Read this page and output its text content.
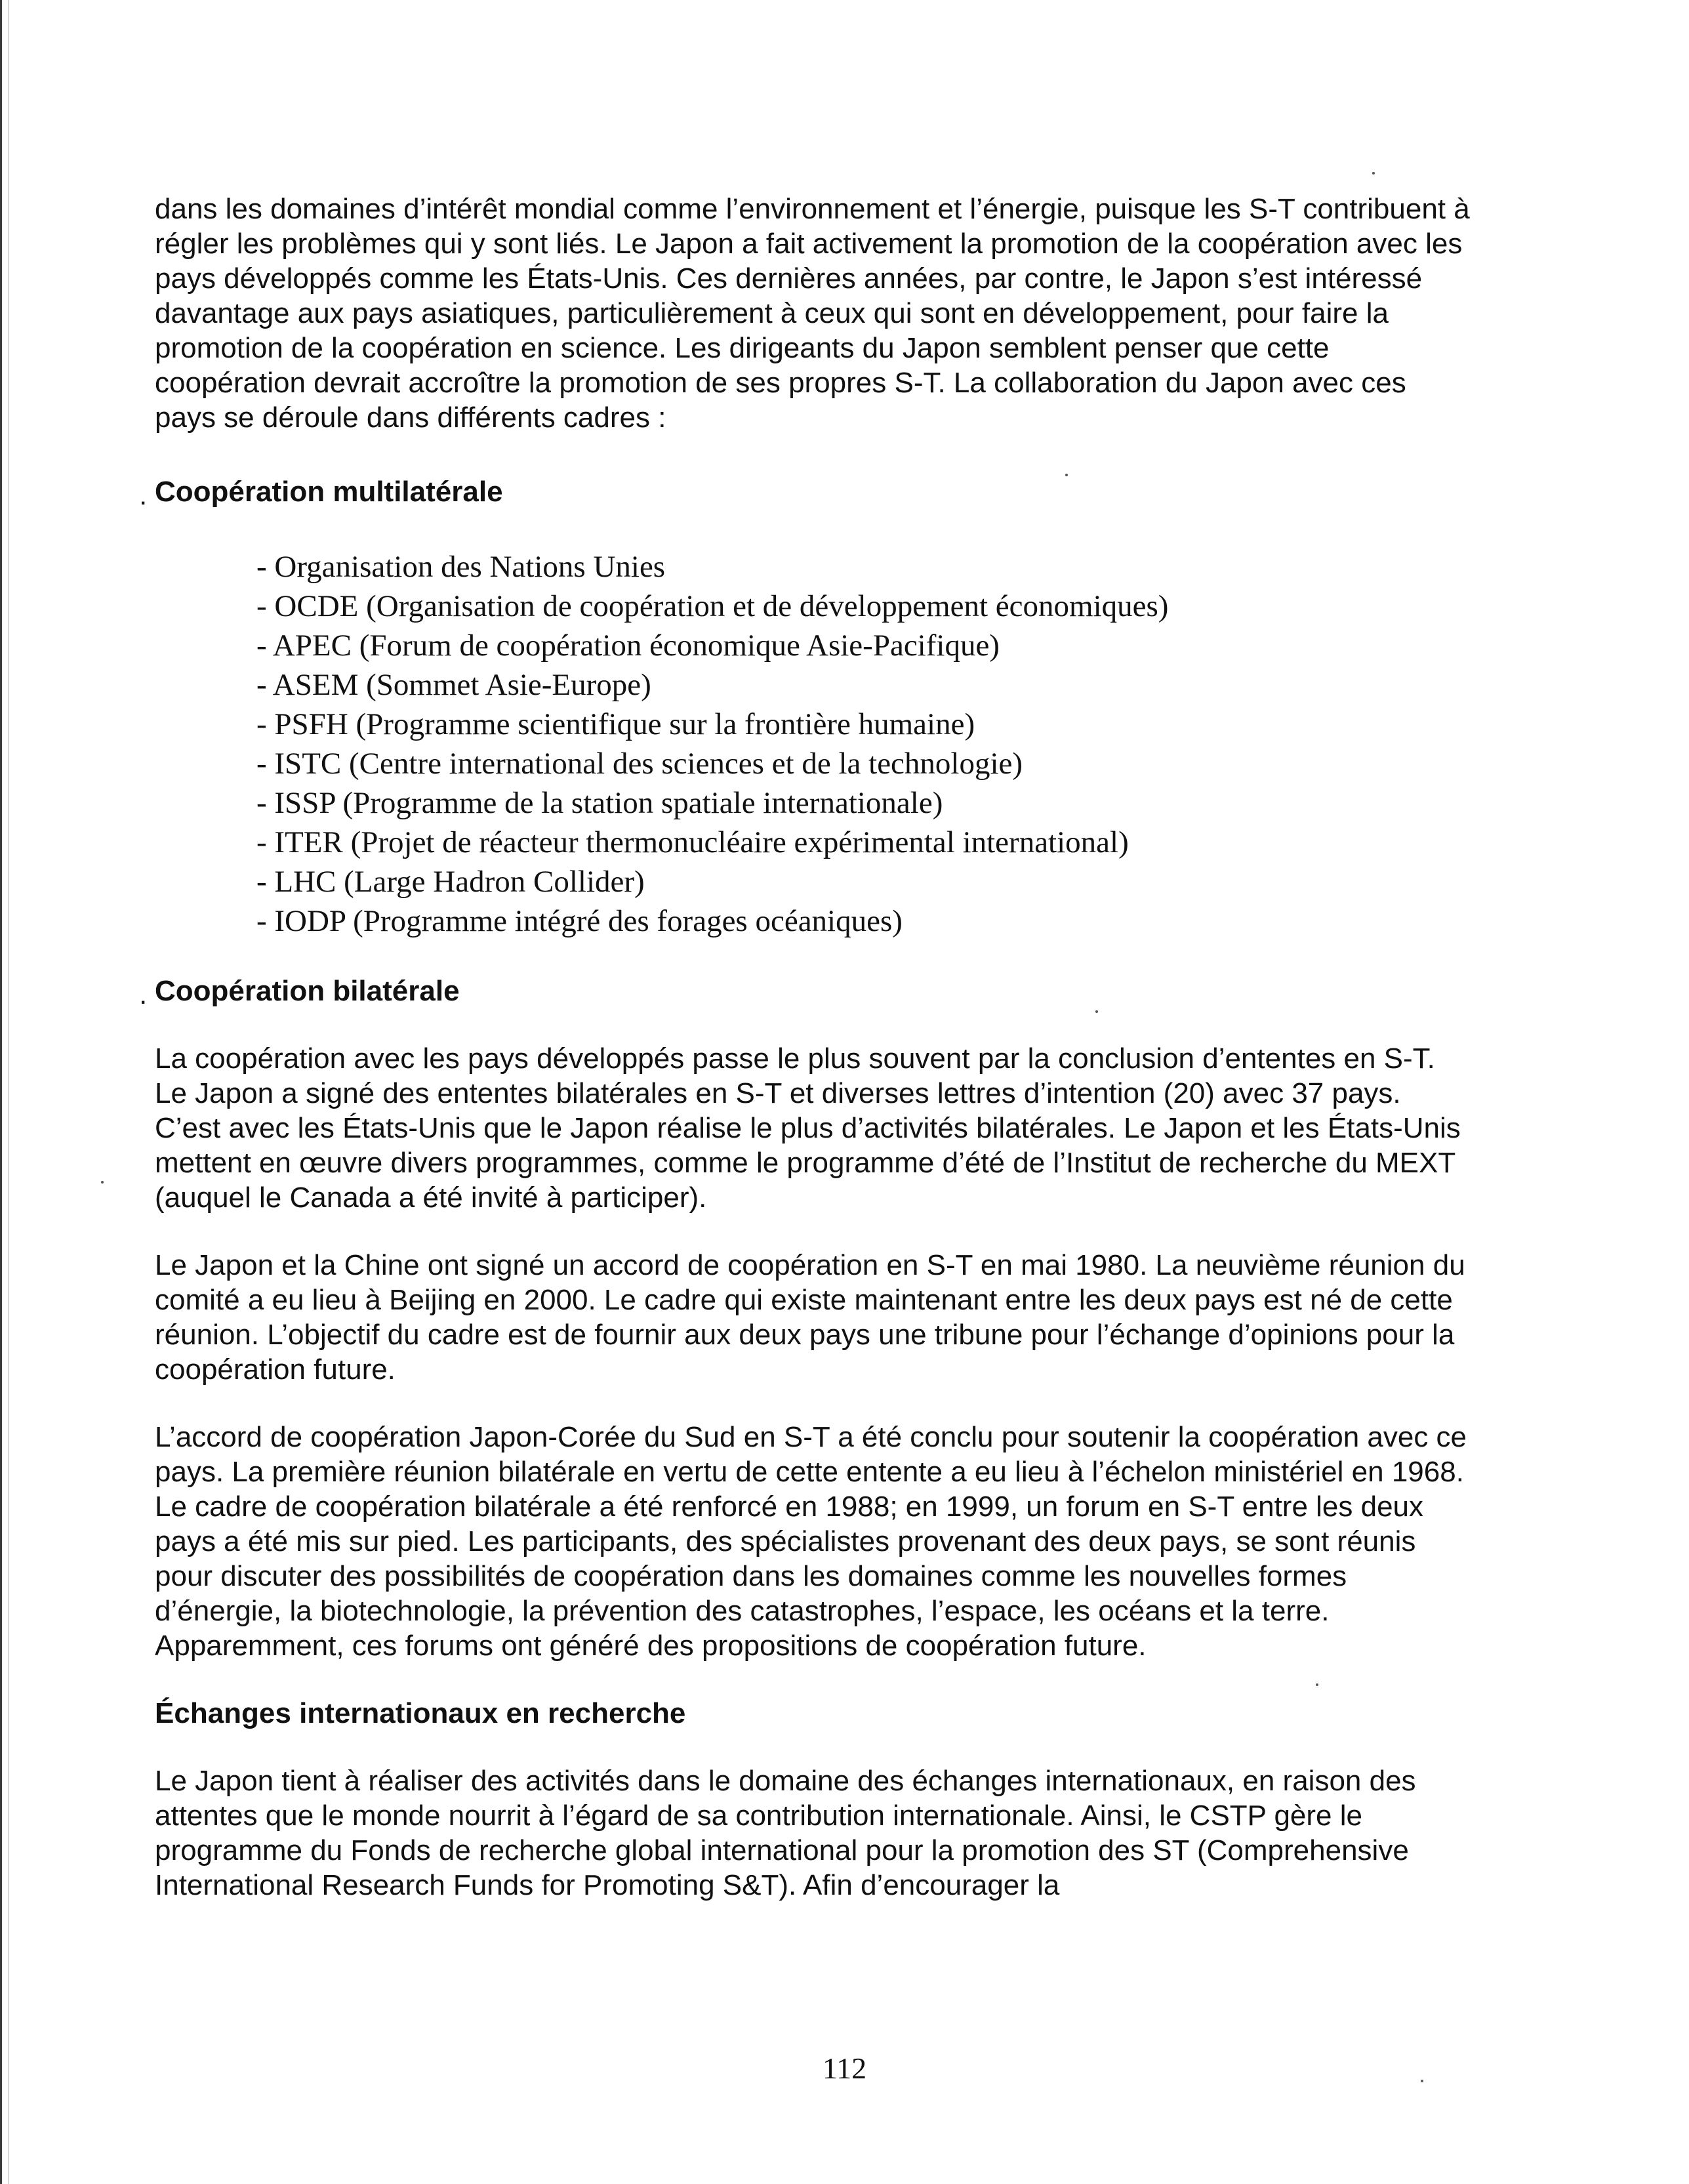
dans les domaines d’intérêt mondial comme l’environnement et l’énergie, puisque les S-T contribuent à régler les problèmes qui y sont liés. Le Japon a fait activement la promotion de la coopération avec les pays développés comme les États-Unis. Ces dernières années, par contre, le Japon s’est intéressé davantage aux pays asiatiques, particulièrement à ceux qui sont en développement, pour faire la promotion de la coopération en science. Les dirigeants du Japon semblent penser que cette coopération devrait accroître la promotion de ses propres S-T. La collaboration du Japon avec ces pays se déroule dans différents cadres :

. Coopération multilatérale
- Organisation des Nations Unies
- OCDE (Organisation de coopération et de développement économiques)
- APEC (Forum de coopération économique Asie-Pacifique)
- ASEM (Sommet Asie-Europe)
- PSFH (Programme scientifique sur la frontière humaine)
- ISTC (Centre international des sciences et de la technologie)
- ISSP (Programme de la station spatiale internationale)
- ITER (Projet de réacteur thermonucléaire expérimental international)
- LHC (Large Hadron Collider)
- IODP (Programme intégré des forages océaniques)
. Coopération bilatérale

La coopération avec les pays développés passe le plus souvent par la conclusion d’ententes en S-T. Le Japon a signé des ententes bilatérales en S-T et diverses lettres d’intention (20) avec 37 pays. C’est avec les États-Unis que le Japon réalise le plus d’activités bilatérales. Le Japon et les États-Unis mettent en œuvre divers programmes, comme le programme d’été de l’Institut de recherche du MEXT (auquel le Canada a été invité à participer).

Le Japon et la Chine ont signé un accord de coopération en S-T en mai 1980. La neuvième réunion du comité a eu lieu à Beijing en 2000. Le cadre qui existe maintenant entre les deux pays est né de cette réunion. L’objectif du cadre est de fournir aux deux pays une tribune pour l’échange d’opinions pour la coopération future.

L’accord de coopération Japon-Corée du Sud en S-T a été conclu pour soutenir la coopération avec ce pays. La première réunion bilatérale en vertu de cette entente a eu lieu à l’échelon ministériel en 1968. Le cadre de coopération bilatérale a été renforcé en 1988; en 1999, un forum en S-T entre les deux pays a été mis sur pied. Les participants, des spécialistes provenant des deux pays, se sont réunis pour discuter des possibilités de coopération dans les domaines comme les nouvelles formes d’énergie, la biotechnologie, la prévention des catastrophes, l’espace, les océans et la terre. Apparemment, ces forums ont généré des propositions de coopération future.

Échanges internationaux en recherche

Le Japon tient à réaliser des activités dans le domaine des échanges internationaux, en raison des attentes que le monde nourrit à l’égard de sa contribution internationale. Ainsi, le CSTP gère le programme du Fonds de recherche global international pour la promotion des ST (Comprehensive International Research Funds for Promoting S&T). Afin d’encourager la

112
